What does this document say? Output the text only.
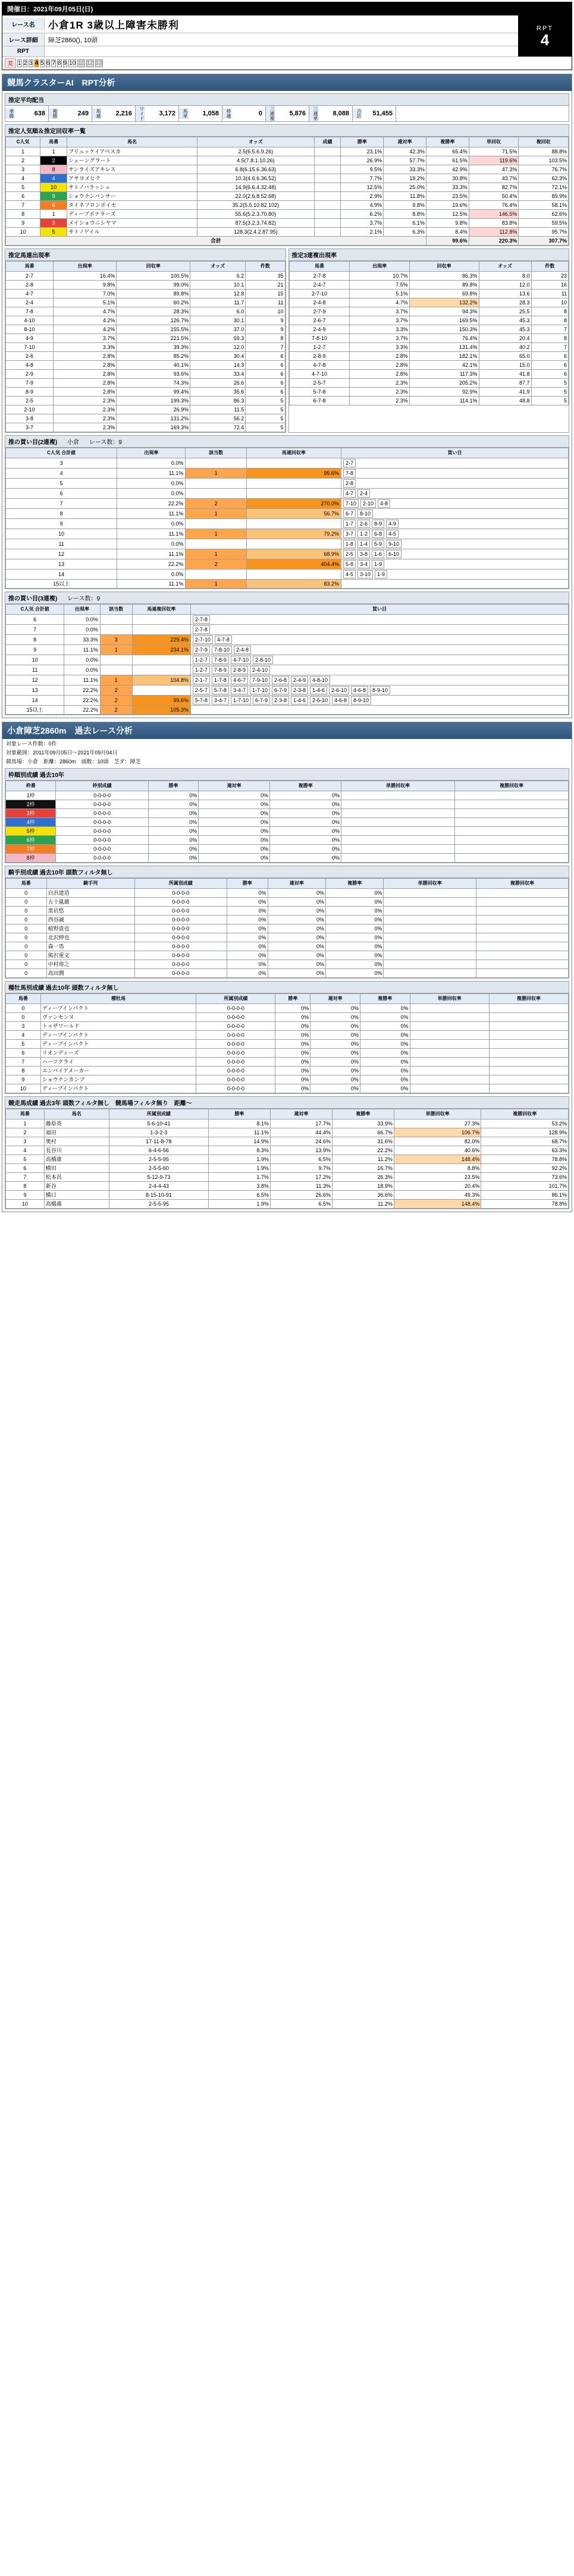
開催日：2021年09月05日(日)
レース名	小倉1R 3歳以上障害未勝利
レース詳細	障芝2860(), 10頭
RPT
RPT
4
荒 1 2 3 4 5 6 7 8 9 10 11 12 13
競馬クラスターAI　RPT分析
推定平均配当
単勝	638	複勝	249	馬連	2,216	ワイド	3,172	馬単	1,058	枠連	0	三連複	5,876	三連単	8,088	合計	51,455
推定人気順＆推定回収率一覧
C人気	馬番	馬名	オッズ	成績	勝率	連対率	複勝率	単回収	複回収
1	1	ブリュッケイアペスカ	2.5(6.5.6.9.26)		23.1%	42.3%	65.4%	71.5%	88.8%
2	2	シェーングラート	4.5(7.8.1.10.26)		26.9%	57.7%	61.5%	119.6%	103.5%
3	8	サンライズアキレス	6.8(6.15.6.36.63)		9.5%	33.3%	42.9%	47.3%	76.7%
4	4	アサヨメヒク	10.3(4.6.6.36.52)		7.7%	19.2%	30.8%	43.7%	62.3%
5	10	サトノバラッシュ	14.9(6.6.4.32.48)		12.5%	25.0%	33.3%	82.7%	72.1%
6	9	ショウナンパンサー	22.0(2.6.8.52.68)		2.9%	11.8%	23.5%	50.4%	89.9%
7	6	タイネフロンボイセ	35.2(5.5.10.82.102)		4.9%	9.8%	19.6%	76.4%	58.1%
8	1	ディープボナラーズ	55.6(5.2.3.70.80)		6.2%	8.8%	12.5%	146.5%	62.6%
9	3	メイショウニシヤマ	87.5(3.2.3.74.82)		3.7%	6.1%	9.8%	83.8%	59.5%
10	5	サトノゲイル	128.3(2.4.2.87.95)		2.1%	6.3%	8.4%	112.8%	95.7%
合計							99.6%	220.3%	307.7%
推定馬連出現率
馬番	出現率	回収率	オッズ	件数
2-7	16.4%	100.5%	6.2	35
2-8	9.8%	99.0%	10.1	21
4-7	7.0%	89.8%	12.8	15
2-4	5.1%	60.2%	11.7	11
7-8	4.7%	28.3%	6.0	10
4-10	4.2%	126.7%	30.1	9
8-10	4.2%	155.5%	37.0	9
4-9	3.7%	221.5%	59.3	8
7-10	3.3%	39.3%	12.0	7
2-6	2.8%	85.2%	30.4	6
4-8	2.8%	40.1%	14.3	6
2-9	2.8%	93.6%	33.4	6
7-9	2.8%	74.3%	26.6	6
8-9	2.8%	99.4%	35.6	6
2-5	2.3%	199.3%	86.3	5
2-10	2.3%	26.9%	11.5	5
3-8	2.3%	131.2%	56.2	5
3-7	2.3%	169.3%	72.4	5
推定3連複出現率
馬番	出現率	回収率	オッズ	件数
2-7-8	10.7%	86.3%	8.0	23
2-4-7	7.5%	89.8%	12.0	16
2-7-10	5.1%	69.8%	13.6	11
2-4-8	4.7%	132.2%	28.3	10
2-7-9	3.7%	94.3%	25.5	8
2-6-7	3.7%	169.5%	45.3	8
2-4-9	3.3%	150.3%	45.3	7
7-8-10	3.7%	76.4%	20.4	8
1-2-7	3.3%	131.4%	40.2	7
2-8-9	2.8%	182.1%	65.0	6
4-7-8	2.8%	42.1%	15.0	6
4-7-10	2.8%	117.3%	41.8	6
2-5-7	2.3%	205.2%	87.7	5
5-7-8	2.3%	92.9%	41.9	5
6-7-8	2.3%	114.1%	48.8	5
推の買い目(2連複) 小倉 レース数：9
C人気 合計値	出現率	該当数	馬連回収率	買い目
3	0.0%			2-7
4	11.1%	1	95.6%	7-8
5	0.0%			2-8
6	0.0%			4-7 2-4
7	22.2%	2	270.0%	7-10 2-10 4-8
8	11.1%	1	56.7%	6-7 8-10
9	0.0%			1-7 2-6 8-9 4-9
10	11.1%	1	79.2%	3-7 1-2 6-8 4-5
11	0.0%			1-8 1-4 5-9 9-10
12	11.1%	1	68.9%	2-5 3-8 1-6 6-10
13	22.2%	2	404.4%	5-8 3-4 1-9
14	0.0%			4-5 3-10 1-9
15以上	11.1%	1	83.2%	
推の買い目(3連複) レース数：9
C人気 合計値	出現率	該当数	馬連複回収率	買い目
6	0.0%			2-7-8
7	0.0%			2-7-8
8	33.3%	3	229.4%	2-7-10 4-7-8
9	11.1%	1	234.1%	2-7-9 7-8-10 2-4-8
10	0.0%			1-2-7 7-8-9 4-7-10 2-8-10
11	0.0%			1-2-7 7-8-9 2-8-9 2-4-10
12	11.1%	1	104.8%	2-1-7 1-7-8 4-6-7 7-9-10 2-6-8 2-4-9 4-8-10
13	22.2%	2		2-5-7 5-7-8 3-4-7 1-7-10 6-7-9 2-3-8 1-4-6 2-6-10 4-6-8 8-9-10
14	22.2%	2	99.6%	5-7-8 3-4-7 1-7-10 6-7-9 2-3-8 1-4-6 2-6-10 4-6-8 8-9-10
15以上	22.2%	2	105.3%	
小倉障芝2860m　過去レース分析
対象レース件数：0件
対象範囲：2011年09月05日～2021年09月04日
競馬場：小倉　距離：2860m　頭数：10頭　芝ダ：障芝
枠順別成績 過去10年
枠番	枠別成績	勝率	連対率	複勝率	単勝回収率	複勝回収率
1枠	0-0-0-0	0%	0%	0%		
2枠	0-0-0-0	0%	0%	0%		
3枠	0-0-0-0	0%	0%	0%		
4枠	0-0-0-0	0%	0%	0%		
5枠	0-0-0-0	0%	0%	0%		
6枠	0-0-0-0	0%	0%	0%		
7枠	0-0-0-0	0%	0%	0%		
8枠	0-0-0-0	0%	0%	0%		
騎手別成績 過去10年 頭数フィルタ無し
馬番	騎手列	所属別成績	勝率	連対率	複勝率	単勝回収率	複勝回収率
0	白浜建造	0-0-0-0	0%	0%	0%		
0	五十嵐雄	0-0-0-0	0%	0%	0%		
0	黒岩悠	0-0-0-0	0%	0%	0%		
0	西谷誠	0-0-0-0	0%	0%	0%		
0	植野貴也	0-0-0-0	0%	0%	0%		
0	北沢伸也	0-0-0-0	0%	0%	0%		
0	森一馬	0-0-0-0	0%	0%	0%		
0	熊沢重文	0-0-0-0	0%	0%	0%		
0	中村将之	0-0-0-0	0%	0%	0%		
0	高田潤	0-0-0-0	0%	0%	0%		
種牡馬別成績 過去10年 頭数フィルタ無し
馬番	種牡馬	所属別成績	勝率	連対率	複勝率	単勝回収率	複勝回収率
0	ディープインパクト	0-0-0-0	0%	0%	0%		
0	ヴァンセンヌ	0-0-0-0	0%	0%	0%		
3	トゥザワールド	0-0-0-0	0%	0%	0%		
4	ディープインパクト	0-0-0-0	0%	0%	0%		
5	ディープインパクト	0-0-0-0	0%	0%	0%		
6	リオンディーズ	0-0-0-0	0%	0%	0%		
7	ハーツクライ	0-0-0-0	0%	0%	0%		
8	エンパイアメーカー	0-0-0-0	0%	0%	0%		
9	ショウナンカンプ	0-0-0-0	0%	0%	0%		
10	ディープインパクト	0-0-0-0	0%	0%	0%		
競走馬成績 過去3年 頭数フィルタ無し　競馬場フィルタ無り　距離～
馬番	馬名	所属別成績	勝率	連対率	複勝率	単勝回収率	複勝回収率
1	藤原英	5-6-10-41	8.1%	17.7%	33.9%	27.3%	53.2%
2	福田	1-3-2-3	11.1%	44.4%	66.7%	106.7%	128.9%
3	奥村	17-11-8-78	14.9%	24.6%	31.6%	82.0%	68.7%
4	長谷川	6-4-6-56	8.3%	13.9%	22.2%	40.6%	63.3%
5	高橋康	2-5-5-95	1.9%	6.5%	11.2%	148.4%	78.8%
6	横田	2-5-5-60	1.9%	9.7%	16.7%	8.8%	92.2%
7	松本昌	5-12-9-73	1.7%	17.2%	26.3%	23.5%	73.6%
8	新谷	2-4-4-43	3.8%	11.3%	18.9%	20.4%	101.7%
9	橋口	8-15-10-91	6.5%	26.6%	36.6%	49.3%	86.1%
10	高橋義	2-5-5-95	1.9%	6.5%	11.2%	148.4%	78.8%
